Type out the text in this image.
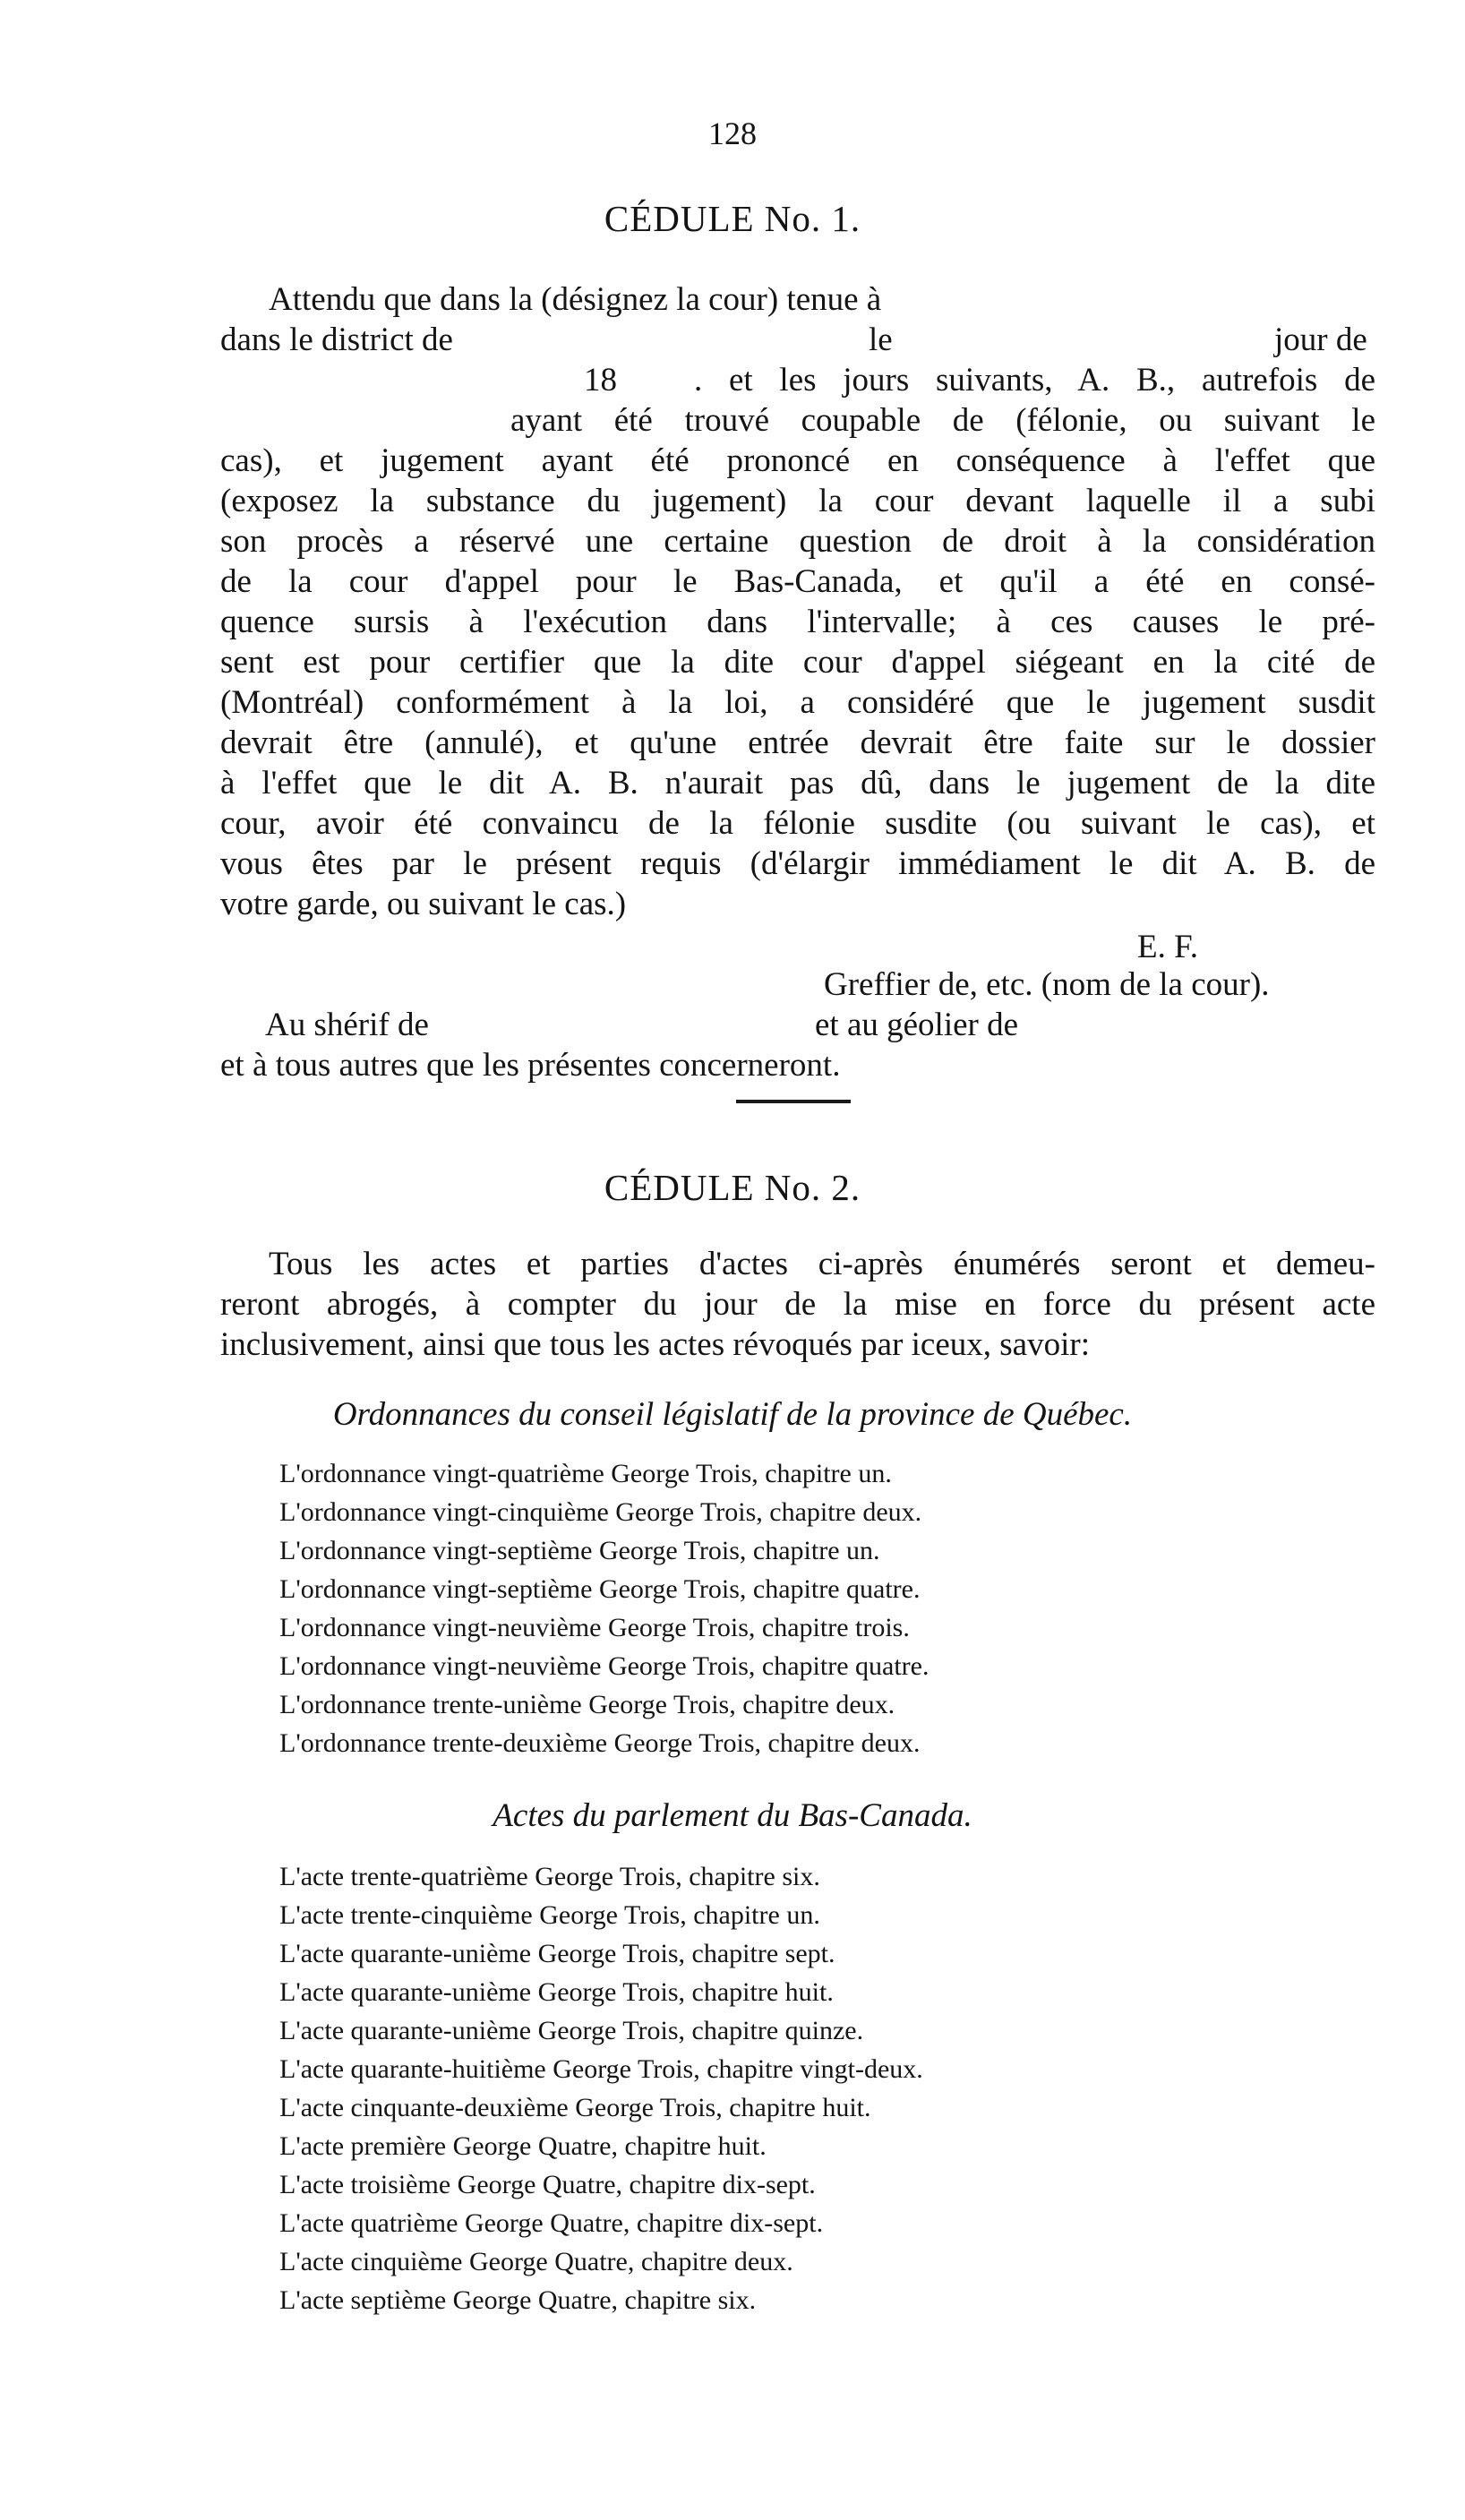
128
CÉDULE No. 1.
Attendu que dans la (désignez la cour) tenue à
dans le district de	le	jour de
18 . et les jours suivants, A. B., autrefois de
ayant été trouvé coupable de (félonie, ou suivant le
cas), et jugement ayant été prononcé en conséquence à l'effet que
(exposez la substance du jugement) la cour devant laquelle il a subi
son procès a réservé une certaine question de droit à la considération
de la cour d'appel pour le Bas-Canada, et qu'il a été en consé-
quence sursis à l'exécution dans l'intervalle; à ces causes le pré-
sent est pour certifier que la dite cour d'appel siégeant en la cité de
(Montréal) conformément à la loi, a considéré que le jugement susdit
devrait être (annulé), et qu'une entrée devrait être faite sur le dossier
à l'effet que le dit A. B. n'aurait pas dû, dans le jugement de la dite
cour, avoir été convaincu de la félonie susdite (ou suivant le cas), et
vous êtes par le présent requis (d'élargir immédiament le dit A. B. de
votre garde, ou suivant le cas.)
E. F.
Greffier de, etc. (nom de la cour).
Au shérif de	et au géolier de
et à tous autres que les présentes concerneront.
CÉDULE No. 2.
Tous les actes et parties d'actes ci-après énumérés seront et demeu-
reront abrogés, à compter du jour de la mise en force du présent acte
inclusivement, ainsi que tous les actes révoqués par iceux, savoir:
Ordonnances du conseil législatif de la province de Québec.
L'ordonnance vingt-quatrième George Trois, chapitre un.
L'ordonnance vingt-cinquième George Trois, chapitre deux.
L'ordonnance vingt-septième George Trois, chapitre un.
L'ordonnance vingt-septième George Trois, chapitre quatre.
L'ordonnance vingt-neuvième George Trois, chapitre trois.
L'ordonnance vingt-neuvième George Trois, chapitre quatre.
L'ordonnance trente-unième George Trois, chapitre deux.
L'ordonnance trente-deuxième George Trois, chapitre deux.
Actes du parlement du Bas-Canada.
L'acte trente-quatrième George Trois, chapitre six.
L'acte trente-cinquième George Trois, chapitre un.
L'acte quarante-unième George Trois, chapitre sept.
L'acte quarante-unième George Trois, chapitre huit.
L'acte quarante-unième George Trois, chapitre quinze.
L'acte quarante-huitième George Trois, chapitre vingt-deux.
L'acte cinquante-deuxième George Trois, chapitre huit.
L'acte première George Quatre, chapitre huit.
L'acte troisième George Quatre, chapitre dix-sept.
L'acte quatrième George Quatre, chapitre dix-sept.
L'acte cinquième George Quatre, chapitre deux.
L'acte septième George Quatre, chapitre six.
